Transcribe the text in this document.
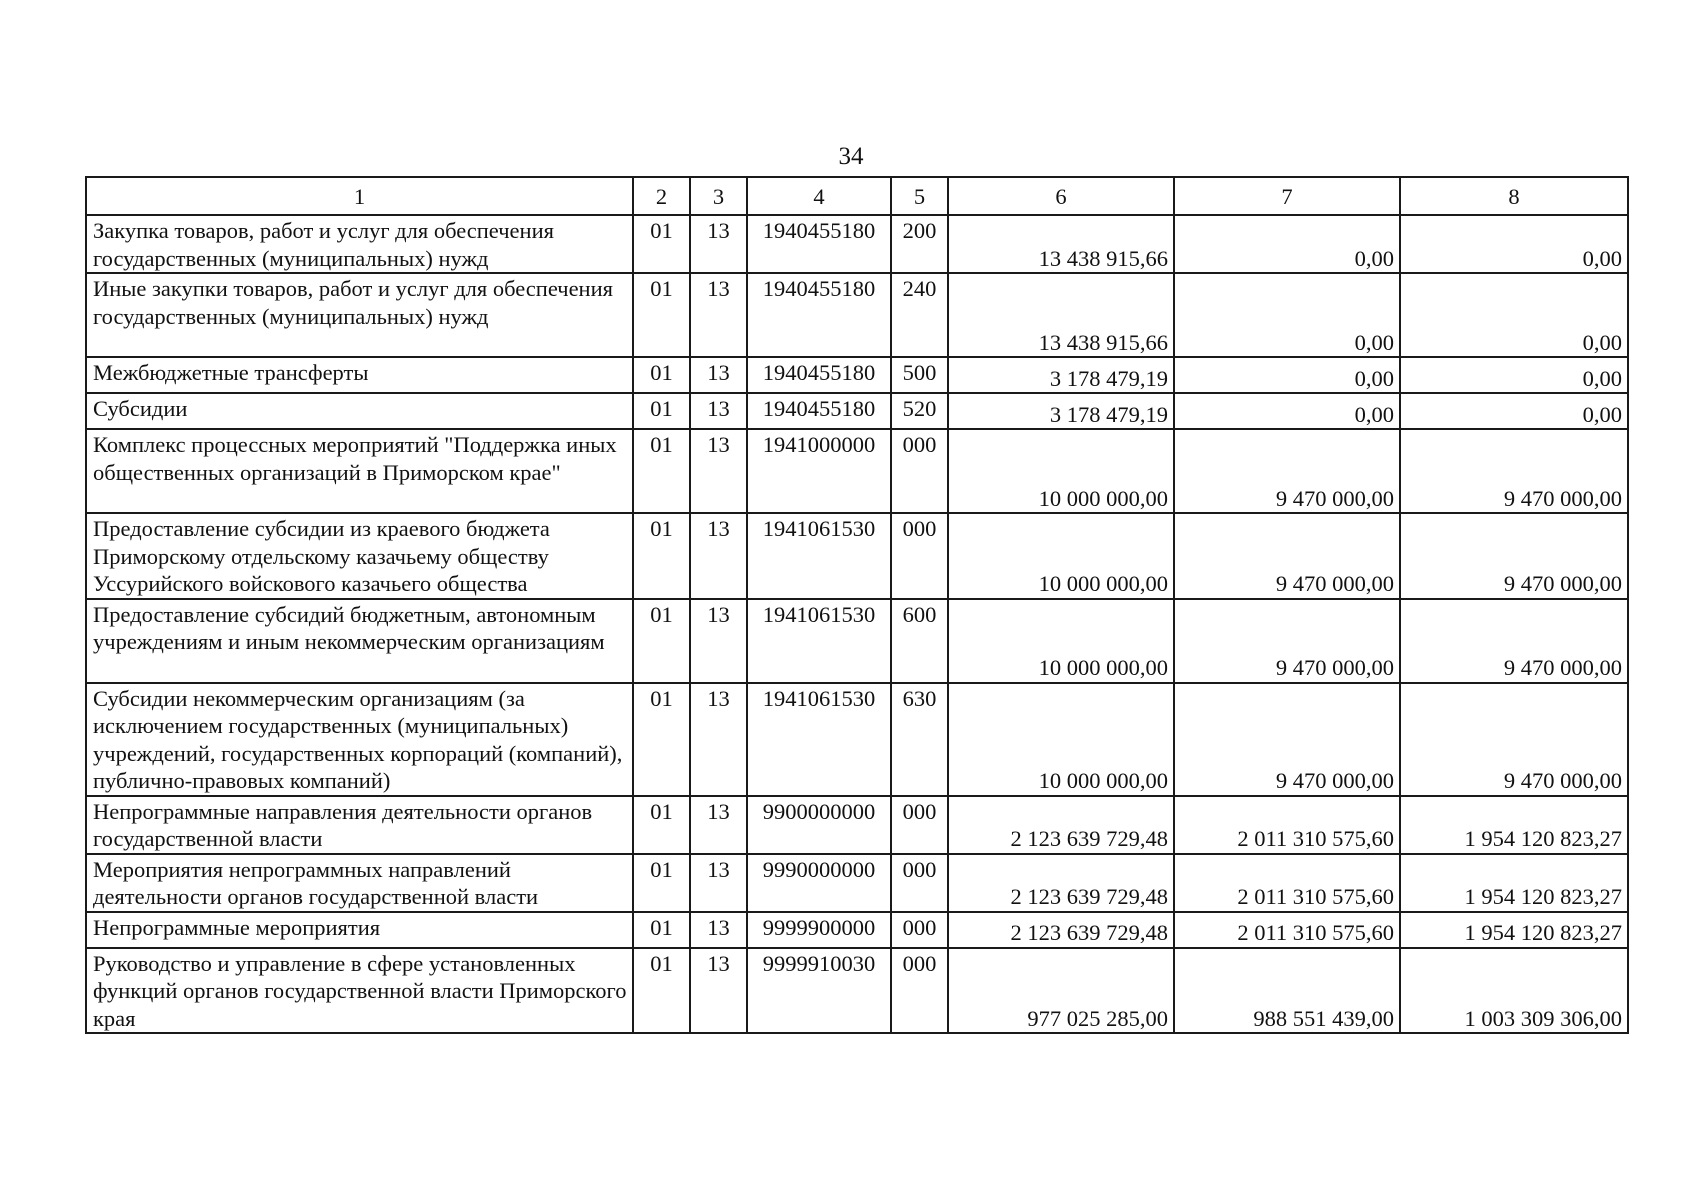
34
1	2	3	4	5	6	7	8
Закупка товаров, работ и услуг для обеспечения государственных (муниципальных) нужд	01	13	1940455180	200	13 438 915,66	0,00	0,00
Иные закупки товаров, работ и услуг для обеспечения государственных (муниципальных) нужд	01	13	1940455180	240	13 438 915,66	0,00	0,00
Межбюджетные трансферты	01	13	1940455180	500	3 178 479,19	0,00	0,00
Субсидии	01	13	1940455180	520	3 178 479,19	0,00	0,00
Комплекс процессных мероприятий "Поддержка иных общественных организаций в Приморском крае"	01	13	1941000000	000	10 000 000,00	9 470 000,00	9 470 000,00
Предоставление субсидии из краевого бюджета Приморскому отдельскому казачьему обществу Уссурийского войскового казачьего общества	01	13	1941061530	000	10 000 000,00	9 470 000,00	9 470 000,00
Предоставление субсидий бюджетным, автономным учреждениям и иным некоммерческим организациям	01	13	1941061530	600	10 000 000,00	9 470 000,00	9 470 000,00
Субсидии некоммерческим организациям (за исключением государственных (муниципальных) учреждений, государственных корпораций (компаний), публично-правовых компаний)	01	13	1941061530	630	10 000 000,00	9 470 000,00	9 470 000,00
Непрограммные направления деятельности органов государственной власти	01	13	9900000000	000	2 123 639 729,48	2 011 310 575,60	1 954 120 823,27
Мероприятия непрограммных направлений деятельности органов государственной власти	01	13	9990000000	000	2 123 639 729,48	2 011 310 575,60	1 954 120 823,27
Непрограммные мероприятия	01	13	9999900000	000	2 123 639 729,48	2 011 310 575,60	1 954 120 823,27
Руководство и управление в сфере установленных функций органов государственной власти Приморского края	01	13	9999910030	000	977 025 285,00	988 551 439,00	1 003 309 306,00
